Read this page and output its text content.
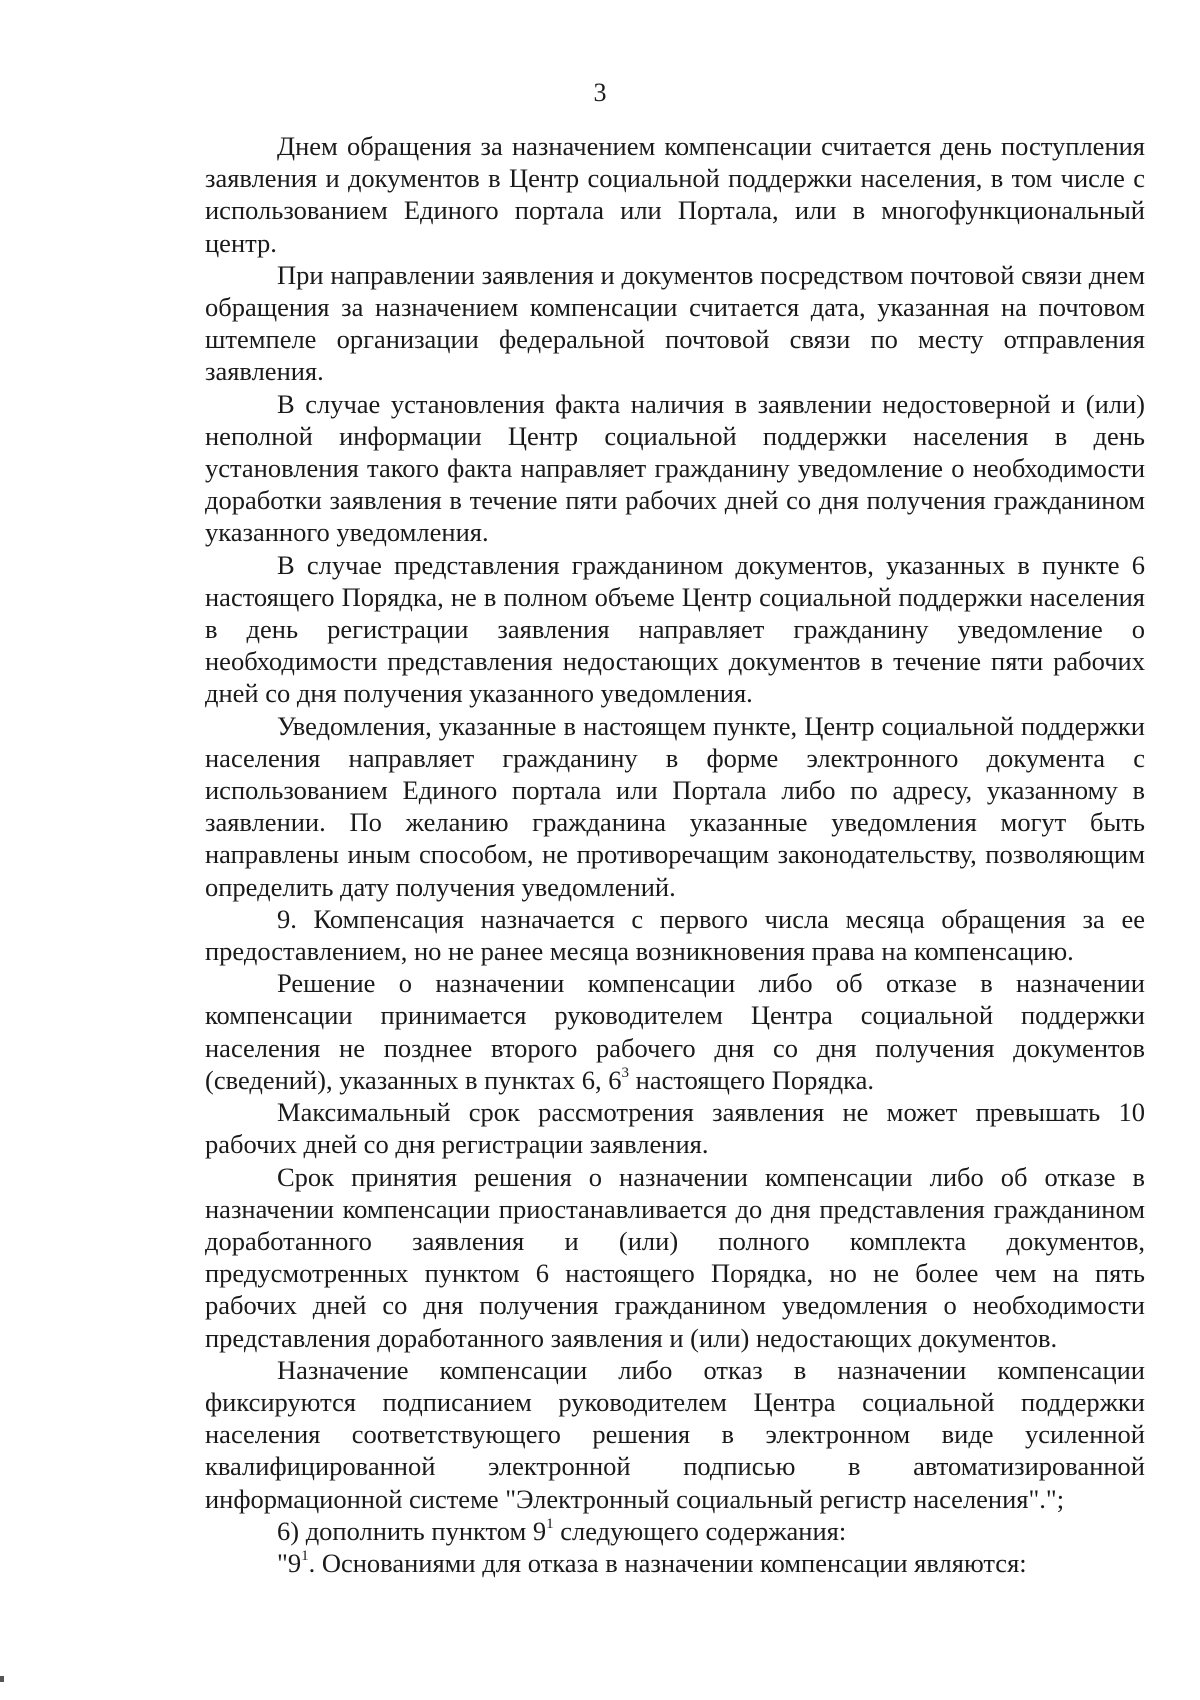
3

Днем обращения за назначением компенсации считается день поступления заявления и документов в Центр социальной поддержки населения, в том числе с использованием Единого портала или Портала, или в многофункциональный центр.

При направлении заявления и документов посредством почтовой связи днем обращения за назначением компенсации считается дата, указанная на почтовом штемпеле организации федеральной почтовой связи по месту отправления заявления.

В случае установления факта наличия в заявлении недостоверной и (или) неполной информации Центр социальной поддержки населения в день установления такого факта направляет гражданину уведомление о необходимости доработки заявления в течение пяти рабочих дней со дня получения гражданином указанного уведомления.

В случае представления гражданином документов, указанных в пункте 6 настоящего Порядка, не в полном объеме Центр социальной поддержки населения в день регистрации заявления направляет гражданину уведомление о необходимости представления недостающих документов в течение пяти рабочих дней со дня получения указанного уведомления.

Уведомления, указанные в настоящем пункте, Центр социальной поддержки населения направляет гражданину в форме электронного документа с использованием Единого портала или Портала либо по адресу, указанному в заявлении. По желанию гражданина указанные уведомления могут быть направлены иным способом, не противоречащим законодательству, позволяющим определить дату получения уведомлений.

9. Компенсация назначается с первого числа месяца обращения за ее предоставлением, но не ранее месяца возникновения права на компенсацию.

Решение о назначении компенсации либо об отказе в назначении компенсации принимается руководителем Центра социальной поддержки населения не позднее второго рабочего дня со дня получения документов (сведений), указанных в пунктах 6, $6^3$ настоящего Порядка.

Максимальный срок рассмотрения заявления не может превышать 10 рабочих дней со дня регистрации заявления.

Срок принятия решения о назначении компенсации либо об отказе в назначении компенсации приостанавливается до дня представления гражданином доработанного заявления и (или) полного комплекта документов, предусмотренных пунктом 6 настоящего Порядка, но не более чем на пять рабочих дней со дня получения гражданином уведомления о необходимости представления доработанного заявления и (или) недостающих документов.

Назначение компенсации либо отказ в назначении компенсации фиксируются подписанием руководителем Центра социальной поддержки населения соответствующего решения в электронном виде усиленной квалифицированной электронной подписью в автоматизированной информационной системе "Электронный социальный регистр населения".";

6) дополнить пунктом $9^1$ следующего содержания:

"$9^1$. Основаниями для отказа в назначении компенсации являются:
